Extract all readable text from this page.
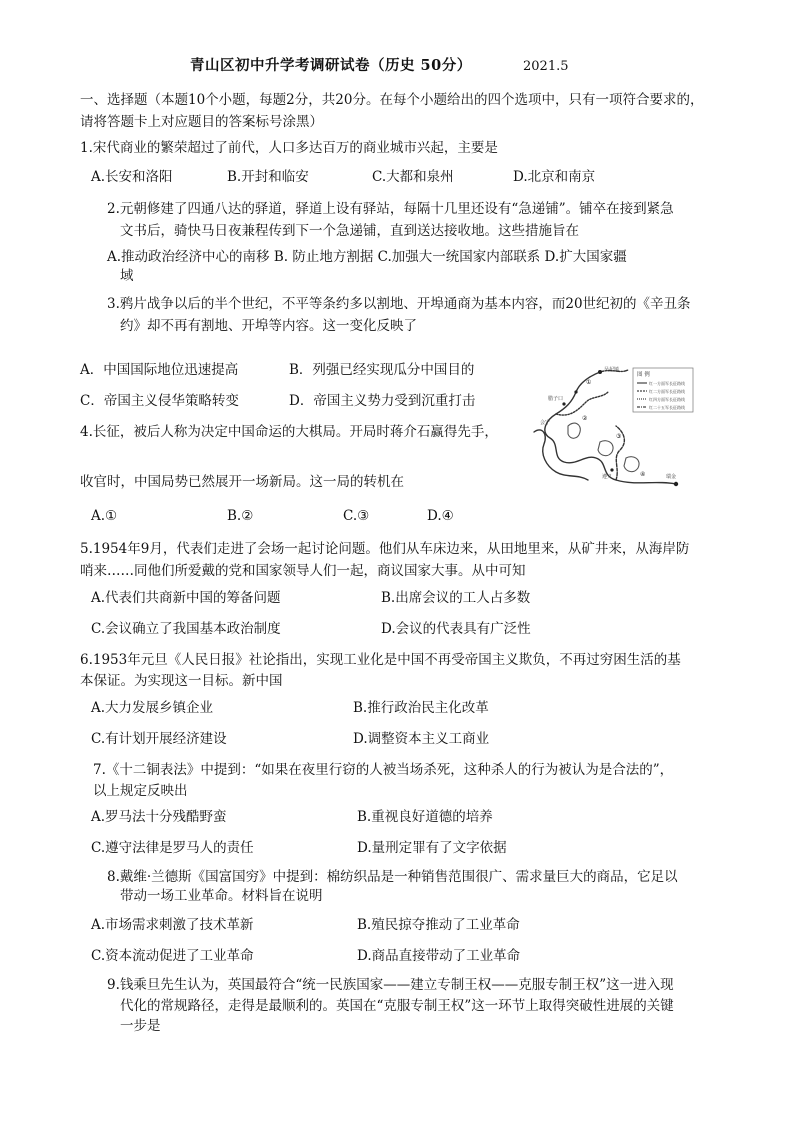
青山区初中升学考调研试卷（历史 50分）	2021.5
一、选择题（本题10个小题，每题2分，共20分。在每个小题给出的四个选项中，只有一项符合要求的，
请将答题卡上对应题目的答案标号涂黑）
1.宋代商业的繁荣超过了前代，人口多达百万的商业城市兴起，主要是
A.长安和洛阳	B.开封和临安	C.大都和泉州	D.北京和南京
2.元朝修建了四通八达的驿道，驿道上设有驿站，每隔十几里还设有“急递铺”。铺卒在接到紧急
文书后，骑快马日夜兼程传到下一个急递铺，直到送达接收地。这些措施旨在
A.推动政治经济中心的南移 B. 防止地方割据 C.加强大一统国家内部联系 D.扩大国家疆
域
3.鸦片战争以后的半个世纪，不平等条约多以割地、开埠通商为基本内容，而20世纪初的《辛丑条
约》却不再有割地、开埠等内容。这一变化反映了
A．中国国际地位迅速提高	B．列强已经实现瓜分中国目的
C．帝国主义侵华策略转变	D．帝国主义势力受到沉重打击
4.长征，被后人称为决定中国命运的大棋局。开局时蒋介石赢得先手，
收官时，中国局势已然展开一场新局。这一局的转机在
A.①	B.②	C.③	D.④
图 例
红一方面军长征路线
红二方面军长征路线
红四方面军长征路线
红二十五军长征路线
吴起镇
会宁
瑞金
腊子口
遵义
①
②
③
④
5.1954年9月，代表们走进了会场一起讨论问题。他们从车床边来，从田地里来，从矿井来，从海岸防
哨来……同他们所爱戴的党和国家领导人们一起，商议国家大事。从中可知
A.代表们共商新中国的筹备问题	B.出席会议的工人占多数
C.会议确立了我国基本政治制度	D.会议的代表具有广泛性
6.1953年元旦《人民日报》社论指出，实现工业化是中国不再受帝国主义欺负，不再过穷困生活的基
本保证。为实现这一目标。新中国
A.大力发展乡镇企业	B.推行政治民主化改革
C.有计划开展经济建设	D.调整资本主义工商业
7.《十二铜表法》中提到：“如果在夜里行窃的人被当场杀死，这种杀人的行为被认为是合法的”，
以上规定反映出
A.罗马法十分残酷野蛮	B.重视良好道德的培养
C.遵守法律是罗马人的责任	D.量刑定罪有了文字依据
8.戴维·兰德斯《国富国穷》中提到：棉纺织品是一种销售范围很广、需求量巨大的商品，它足以
带动一场工业革命。材料旨在说明
A.市场需求刺激了技术革新	B.殖民掠夺推动了工业革命
C.资本流动促进了工业革命	D.商品直接带动了工业革命
9.钱乘旦先生认为，英国最符合“统一民族国家——建立专制王权——克服专制王权”这一进入现
代化的常规路径，走得是最顺利的。英国在“克服专制王权”这一环节上取得突破性进展的关键
一步是
